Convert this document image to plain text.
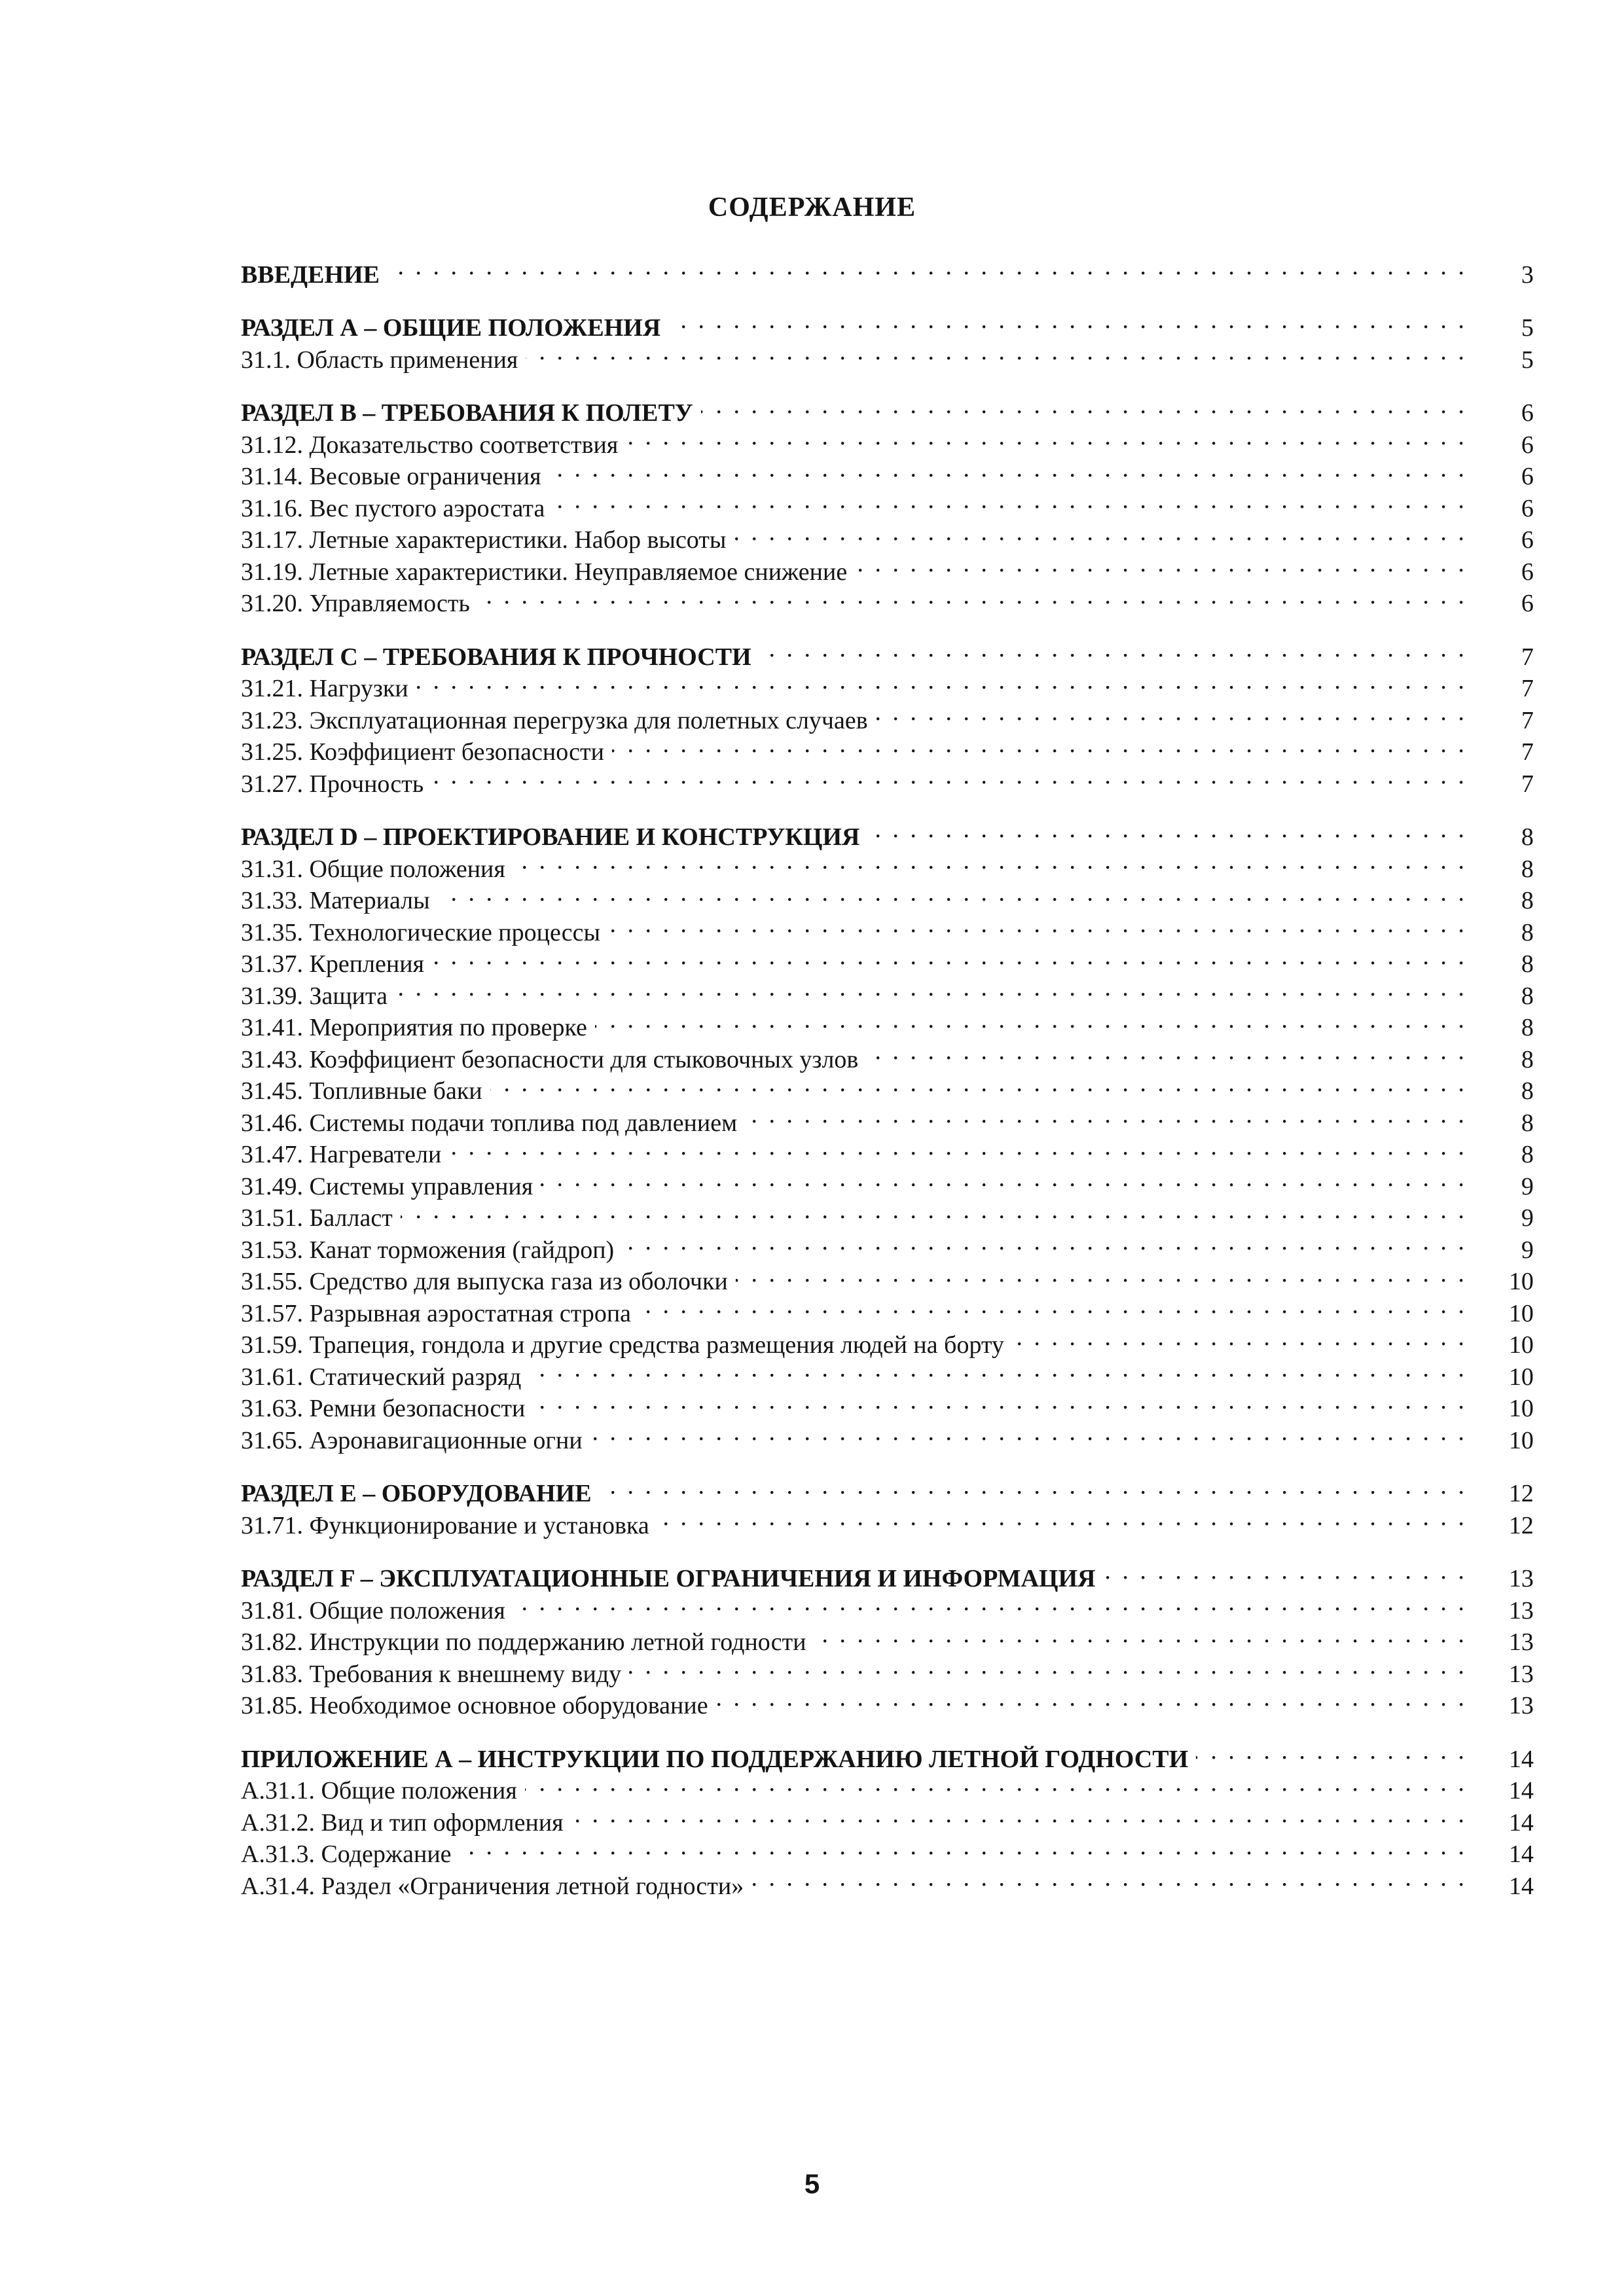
СОДЕРЖАНИЕ
ВВЕДЕНИЕ . . .	3
РАЗДЕЛ А – ОБЩИЕ ПОЛОЖЕНИЯ . . .	5
31.1. Область применения . . .	5
РАЗДЕЛ В – ТРЕБОВАНИЯ К ПОЛЕТУ . . .	6
31.12. Доказательство соответствия . . .	6
31.14. Весовые ограничения . . .	6
31.16. Вес пустого аэростата . . .	6
31.17. Летные характеристики. Набор высоты . . .	6
31.19. Летные характеристики. Неуправляемое снижение . . .	6
31.20. Управляемость . . .	6
РАЗДЕЛ С – ТРЕБОВАНИЯ К ПРОЧНОСТИ . . .	7
31.21. Нагрузки . . .	7
31.23. Эксплуатационная перегрузка для полетных случаев . . .	7
31.25. Коэффициент безопасности . . .	7
31.27. Прочность . . .	7
РАЗДЕЛ D – ПРОЕКТИРОВАНИЕ И КОНСТРУКЦИЯ . . .	8
31.31. Общие положения . . .	8
31.33. Материалы . . .	8
31.35. Технологические процессы . . .	8
31.37. Крепления . . .	8
31.39. Защита . . .	8
31.41. Мероприятия по проверке . . .	8
31.43. Коэффициент безопасности для стыковочных узлов . . .	8
31.45. Топливные баки . . .	8
31.46. Системы подачи топлива под давлением . . .	8
31.47. Нагреватели . . .	8
31.49. Системы управления . . .	9
31.51. Балласт . . .	9
31.53. Канат торможения (гайдроп) . . .	9
31.55. Средство для выпуска газа из оболочки . . .	10
31.57. Разрывная аэростатная стропа . . .	10
31.59. Трапеция, гондола и другие средства размещения людей на борту . . .	10
31.61. Статический разряд . . .	10
31.63. Ремни безопасности . . .	10
31.65. Аэронавигационные огни . . .	10
РАЗДЕЛ Е – ОБОРУДОВАНИЕ . . .	12
31.71. Функционирование и установка . . .	12
РАЗДЕЛ F – ЭКСПЛУАТАЦИОННЫЕ ОГРАНИЧЕНИЯ И ИНФОРМАЦИЯ . . .	13
31.81. Общие положения . . .	13
31.82. Инструкции по поддержанию летной годности . . .	13
31.83. Требования к внешнему виду . . .	13
31.85. Необходимое основное оборудование . . .	13
ПРИЛОЖЕНИЕ А – ИНСТРУКЦИИ ПО ПОДДЕРЖАНИЮ ЛЕТНОЙ ГОДНОСТИ . . .	14
А.31.1. Общие положения . . .	14
А.31.2. Вид и тип оформления . . .	14
А.31.3. Содержание . . .	14
А.31.4. Раздел «Ограничения летной годности» . . .	14
5
